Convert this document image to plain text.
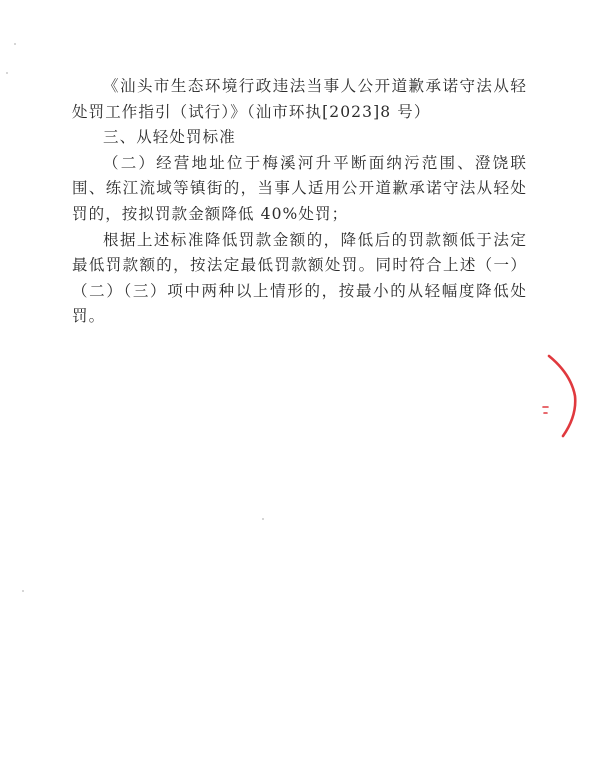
《汕头市生态环境行政违法当事人公开道歉承诺守法从轻处罚工作指引（试行）》（汕市环执[2023]8 号）

三、从轻处罚标准

（二）经营地址位于梅溪河升平断面纳污范围、澄饶联围、练江流域等镇街的，当事人适用公开道歉承诺守法从轻处罚的，按拟罚款金额降低 40%处罚；

根据上述标准降低罚款金额的，降低后的罚款额低于法定最低罚款额的，按法定最低罚款额处罚。同时符合上述（一）（二）（三）项中两种以上情形的，按最小的从轻幅度降低处罚。
